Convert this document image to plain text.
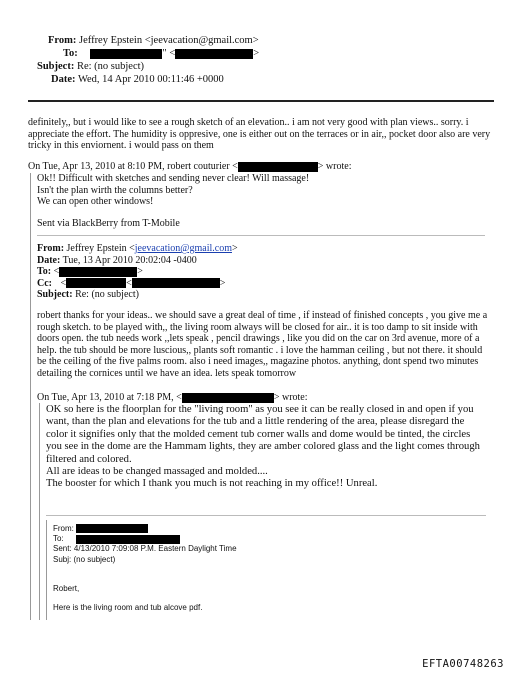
From: Jeffrey Epstein <jeevacation@gmail.com>
To:	" <	>
Subject: Re: (no subject)
Date: Wed, 14 Apr 2010 00:11:46 +0000
definitely,, but i would like to see a rough sketch of an elevation.. i am not very good with plan views.. sorry. i appreciate the effort. The humidity is oppresive, one is either out on the terraces or in air,, pocket door also are very tricky in this enviornent. i would pass on them
On Tue, Apr 13, 2010 at 8:10 PM, robert couturier <	> wrote:
Ok!! Difficult with sketches and sending never clear! Will massage!
Isn't the plan wirth the columns better?
We can open other windows!
Sent via BlackBerry from T-Mobile
From: Jeffrey Epstein <jeevacation@gmail.com>
Date: Tue, 13 Apr 2010 20:02:04 -0400
To: <	>
Cc: <	<	>
Subject: Re: (no subject)
robert thanks for your ideas.. we should save a great deal of time , if instead of finished concepts , you give me a rough sketch. to be played with,, the living room always will be closed for air.. it is too damp to sit inside with doors open. the tub needs work ,,lets speak , pencil drawings , like you did on the car on 3rd avenue, more of a help. the tub should be more luscious,, plants soft romantic . i love the hamman ceiling , but not there. it should be the ceiling of the five palms room. also i need images,, magazine photos. anything, dont spend two minutes detailing the cornices until we have an idea. lets speak tomorrow
On Tue, Apr 13, 2010 at 7:18 PM, <	> wrote:
OK so here is the floorplan for the "living room" as you see it can be really closed in and open if you want, than the plan and elevations for the tub and a little rendering of the area, please disregard the color it signifies only that the molded cement tub corner walls and dome would be tinted, the circles you see in the dome are the Hammam lights, they are amber colored glass and the light comes through filtered and colored.
All are ideas to be changed massaged and molded....
The booster for which I thank you much is not reaching in my office!! Unreal.
From:
To:
Sent: 4/13/2010 7:09:08 P.M. Eastern Daylight Time
Subj: (no subject)
Robert,
Here is the living room and tub alcove pdf.
EFTA00748263
